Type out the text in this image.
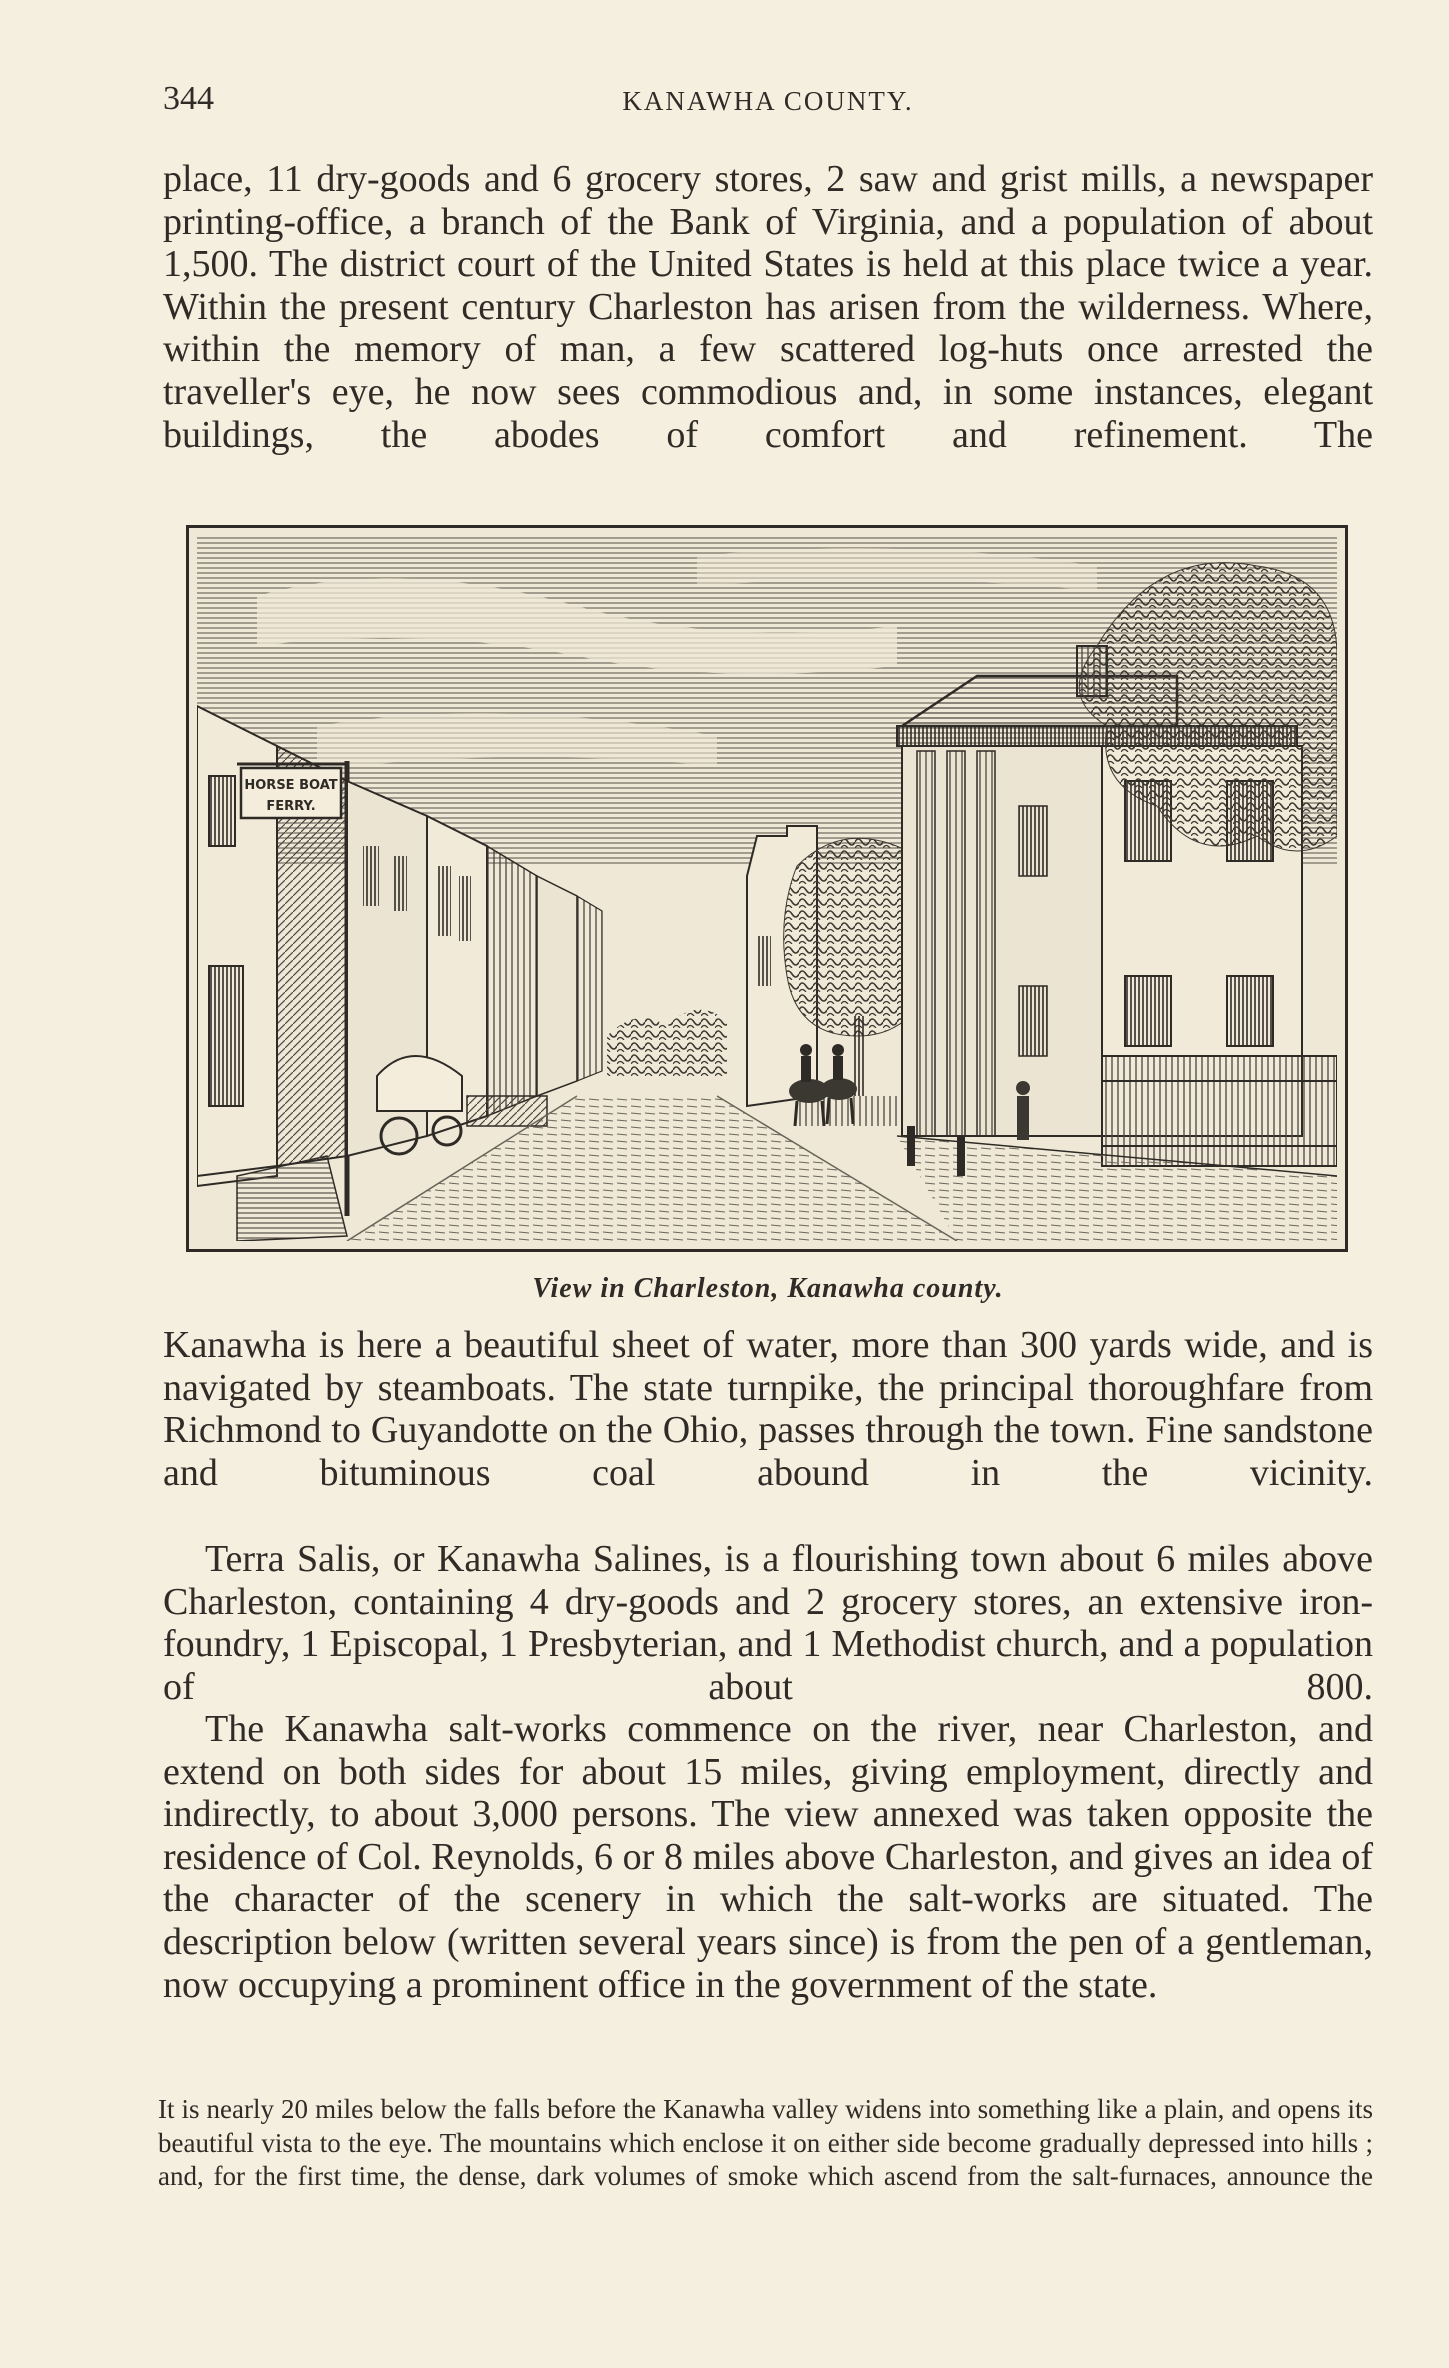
344	KANAWHA COUNTY.

place, 11 dry-goods and 6 grocery stores, 2 saw and grist mills, a newspaper printing-office, a branch of the Bank of Virginia, and a population of about 1,500. The district court of the United States is held at this place twice a year. Within the present century Charleston has arisen from the wilderness. Where, within the memory of man, a few scattered log-huts once arrested the traveller's eye, he now sees commodious and, in some instances, elegant buildings, the abodes of comfort and refinement. The

HORSE BOAT
FERRY.
View in Charleston, Kanawha county.

Kanawha is here a beautiful sheet of water, more than 300 yards wide, and is navigated by steamboats. The state turnpike, the principal thoroughfare from Richmond to Guyandotte on the Ohio, passes through the town. Fine sandstone and bituminous coal abound in the vicinity.

Terra Salis, or Kanawha Salines, is a flourishing town about 6 miles above Charleston, containing 4 dry-goods and 2 grocery stores, an extensive iron-foundry, 1 Episcopal, 1 Presbyterian, and 1 Methodist church, and a population of about 800.

The Kanawha salt-works commence on the river, near Charleston, and extend on both sides for about 15 miles, giving employment, directly and indirectly, to about 3,000 persons. The view annexed was taken opposite the residence of Col. Reynolds, 6 or 8 miles above Charleston, and gives an idea of the character of the scenery in which the salt-works are situated. The description below (written several years since) is from the pen of a gentleman, now occupying a prominent office in the government of the state.

It is nearly 20 miles below the falls before the Kanawha valley widens into something like a plain, and opens its beautiful vista to the eye. The mountains which enclose it on either side become gradually depressed into hills ; and, for the first time, the dense, dark volumes of smoke which ascend from the salt-furnaces, announce the
